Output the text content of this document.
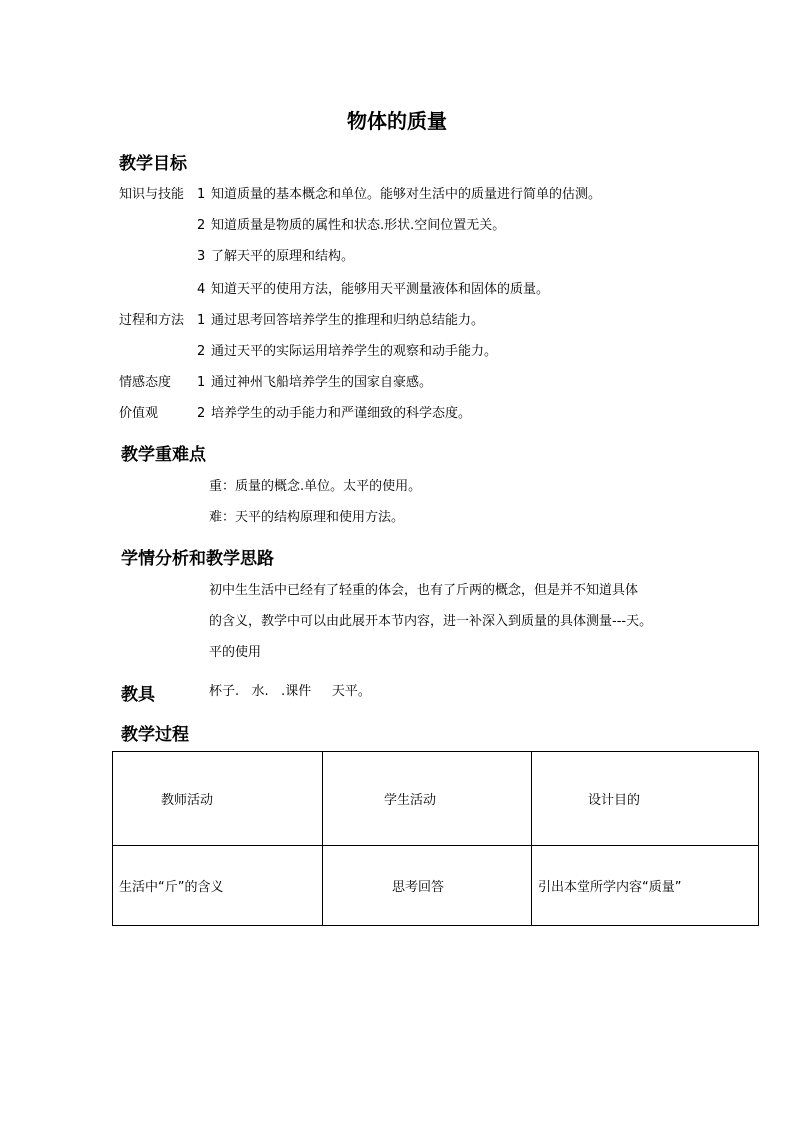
物体的质量
教学目标
知识与技能 1 知道质量的基本概念和单位。能够对生活中的质量进行简单的估测。
2 知道质量是物质的属性和状态.形状.空间位置无关。
3 了解天平的原理和结构。
4 知道天平的使用方法，能够用天平测量液体和固体的质量。
过程和方法 1 通过思考回答培养学生的推理和归纳总结能力。
2 通过天平的实际运用培养学生的观察和动手能力。
情感态度 1 通过神州飞船培养学生的国家自豪感。
价值观	2 培养学生的动手能力和严谨细致的科学态度。
教学重难点
重：质量的概念.单位。太平的使用。
难：天平的结构原理和使用方法。
学情分析和教学思路
初中生生活中已经有了轻重的体会，也有了斤两的概念，但是并不知道具体
的含义，教学中可以由此展开本节内容，进一补深入到质量的具体测量---天。
平的使用
教具	杯子.   水.   .课件     天平。
教学过程
教师活动	学生活动	设计目的
生活中“斤”的含义	思考回答	引出本堂所学内容“质量”
